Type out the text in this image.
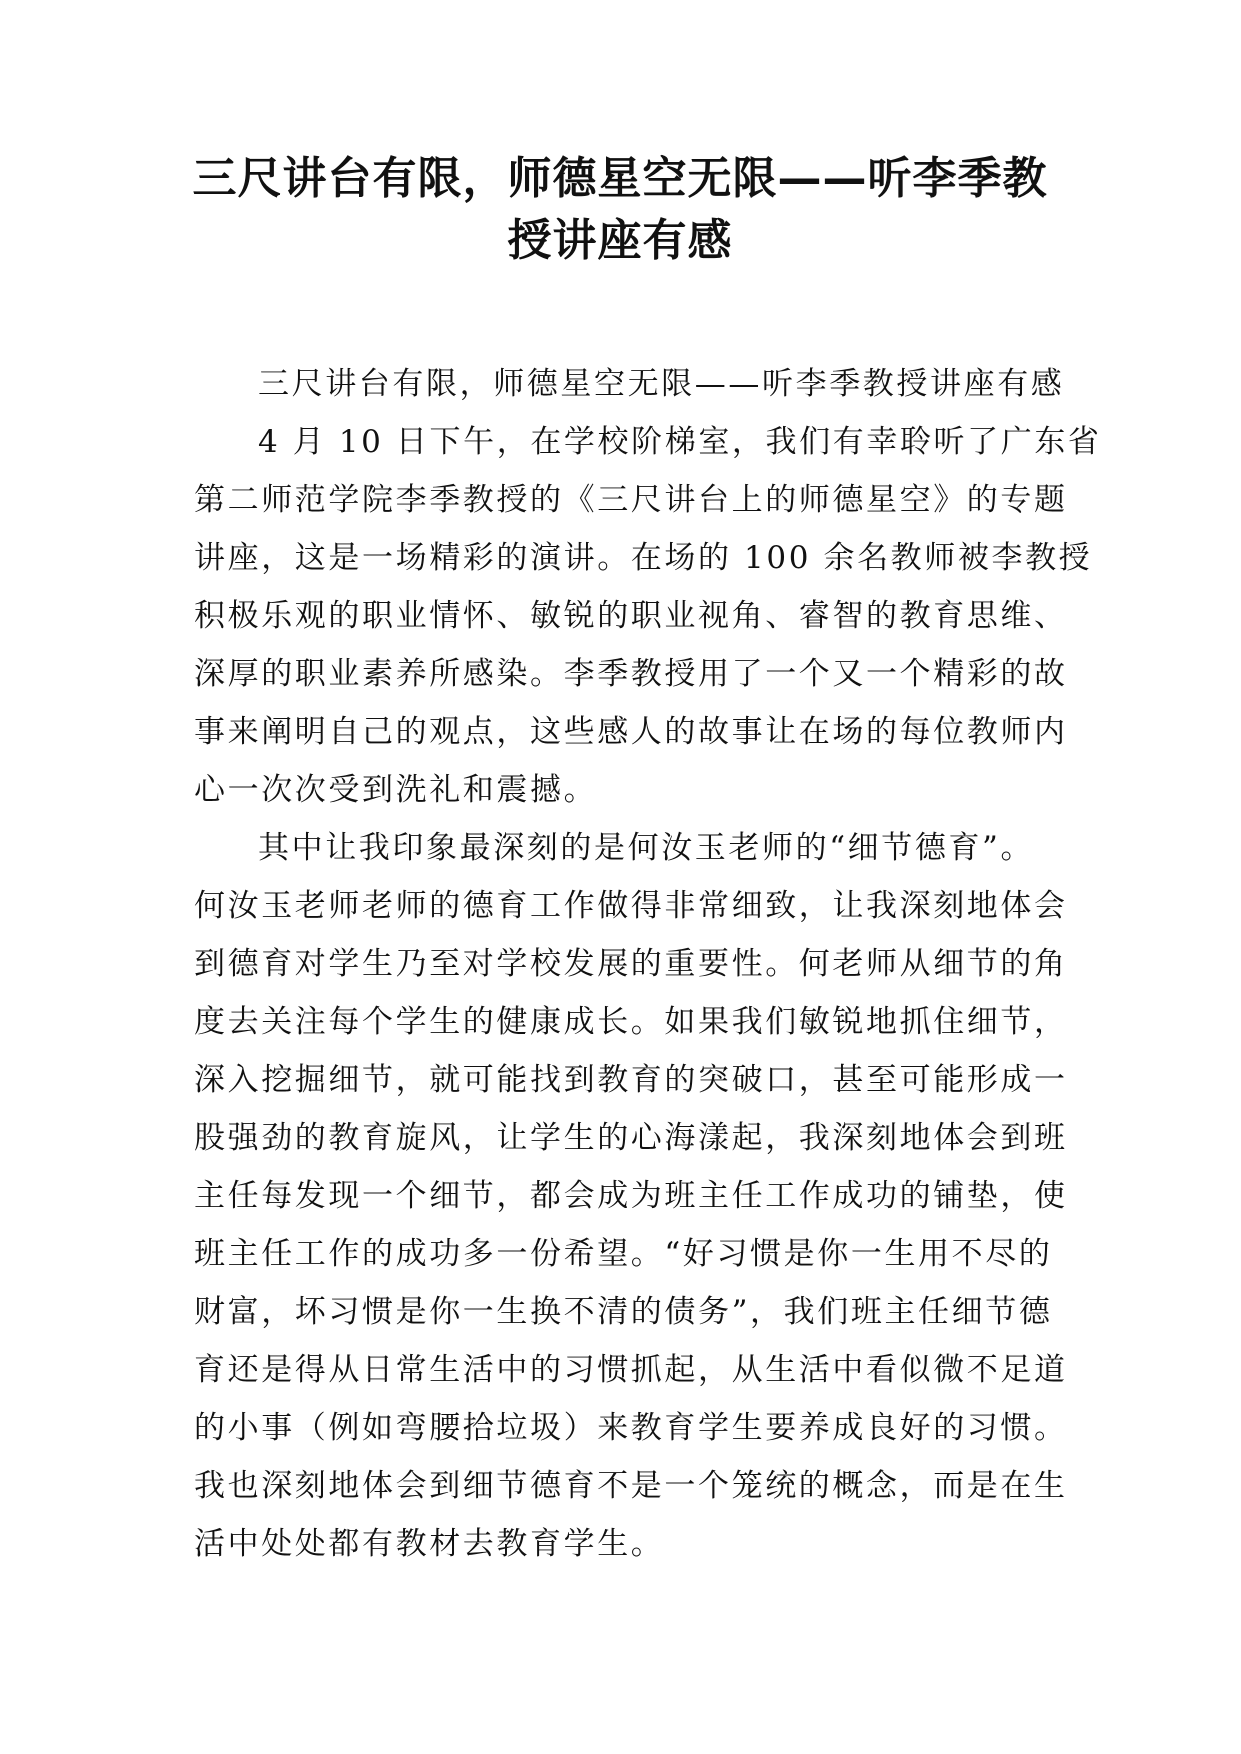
三尺讲台有限，师德星空无限——听李季教
授讲座有感
三尺讲台有限，师德星空无限——听李季教授讲座有感
4 月 10 日下午，在学校阶梯室，我们有幸聆听了广东省
第二师范学院李季教授的《三尺讲台上的师德星空》的专题
讲座，这是一场精彩的演讲。在场的 100 余名教师被李教授
积极乐观的职业情怀、敏锐的职业视角、睿智的教育思维、
深厚的职业素养所感染。李季教授用了一个又一个精彩的故
事来阐明自己的观点，这些感人的故事让在场的每位教师内
心一次次受到洗礼和震撼。
其中让我印象最深刻的是何汝玉老师的“细节德育”。
何汝玉老师老师的德育工作做得非常细致，让我深刻地体会
到德育对学生乃至对学校发展的重要性。何老师从细节的角
度去关注每个学生的健康成长。如果我们敏锐地抓住细节，
深入挖掘细节，就可能找到教育的突破口，甚至可能形成一
股强劲的教育旋风，让学生的心海漾起，我深刻地体会到班
主任每发现一个细节，都会成为班主任工作成功的铺垫，使
班主任工作的成功多一份希望。“好习惯是你一生用不尽的
财富，坏习惯是你一生换不清的债务”，我们班主任细节德
育还是得从日常生活中的习惯抓起，从生活中看似微不足道
的小事（例如弯腰拾垃圾）来教育学生要养成良好的习惯。
我也深刻地体会到细节德育不是一个笼统的概念，而是在生
活中处处都有教材去教育学生。
